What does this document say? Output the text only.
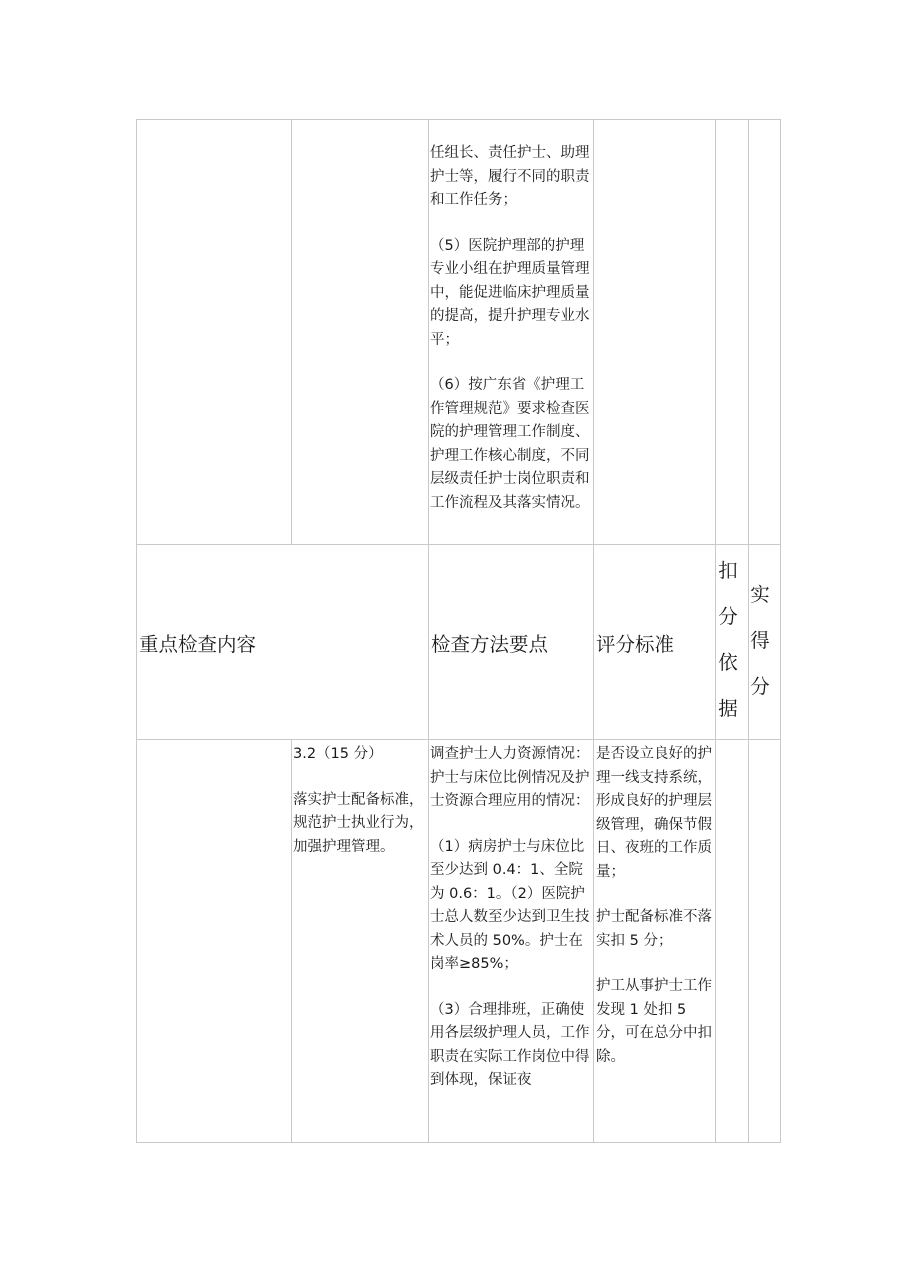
任组长、责任护士、助理护士等，履行不同的职责和工作任务；

（5）医院护理部的护理专业小组在护理质量管理中，能促进临床护理质量的提高，提升护理专业水平；

（6）按广东省《护理工作管理规范》要求检查医院的护理管理工作制度、护理工作核心制度，不同层级责任护士岗位职责和工作流程及其落实情况。

重点检查内容	检查方法要点 评分标准
扣
分
依
据
实
得
分

3.2（15 分）

落实护士配备标准，规范护士执业行为，加强护理管理。

调查护士人力资源情况：护士与床位比例情况及护士资源合理应用的情况：

（1）病房护士与床位比至少达到 0.4：1、全院为 0.6：1。（2）医院护士总人数至少达到卫生技术人员的 50%。护士在岗率≥85%；

（3）合理排班，正确使用各层级护理人员，工作职责在实际工作岗位中得到体现，保证夜

是否设立良好的护理一线支持系统，形成良好的护理层级管理，确保节假日、夜班的工作质量；

护士配备标准不落实扣 5 分；

护工从事护士工作发现 1 处扣 5 分，可在总分中扣除。
